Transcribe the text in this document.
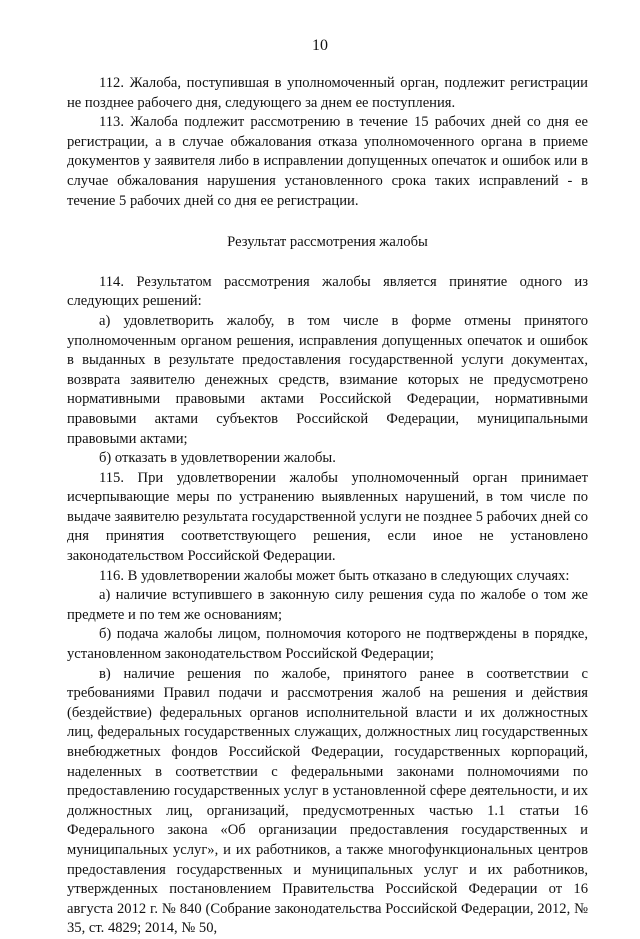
10

112. Жалоба, поступившая в уполномоченный орган, подлежит регистрации не позднее рабочего дня, следующего за днем ее поступления.

113. Жалоба подлежит рассмотрению в течение 15 рабочих дней со дня ее регистрации, а в случае обжалования отказа уполномоченного органа в приеме документов у заявителя либо в исправлении допущенных опечаток и ошибок или в случае обжалования нарушения установленного срока таких исправлений - в течение 5 рабочих дней со дня ее регистрации.

Результат рассмотрения жалобы

114. Результатом рассмотрения жалобы является принятие одного из следующих решений:

а) удовлетворить жалобу, в том числе в форме отмены принятого уполномоченным органом решения, исправления допущенных опечаток и ошибок в выданных в результате предоставления государственной услуги документах, возврата заявителю денежных средств, взимание которых не предусмотрено нормативными правовыми актами Российской Федерации, нормативными правовыми актами субъектов Российской Федерации, муниципальными правовыми актами;

б) отказать в удовлетворении жалобы.

115. При удовлетворении жалобы уполномоченный орган принимает исчерпывающие меры по устранению выявленных нарушений, в том числе по выдаче заявителю результата государственной услуги не позднее 5 рабочих дней со дня принятия соответствующего решения, если иное не установлено законодательством Российской Федерации.

116. В удовлетворении жалобы может быть отказано в следующих случаях:

а) наличие вступившего в законную силу решения суда по жалобе о том же предмете и по тем же основаниям;

б) подача жалобы лицом, полномочия которого не подтверждены в порядке, установленном законодательством Российской Федерации;

в) наличие решения по жалобе, принятого ранее в соответствии с требованиями Правил подачи и рассмотрения жалоб на решения и действия (бездействие) федеральных органов исполнительной власти и их должностных лиц, федеральных государственных служащих, должностных лиц государственных внебюджетных фондов Российской Федерации, государственных корпораций, наделенных в соответствии с федеральными законами полномочиями по предоставлению государственных услуг в установленной сфере деятельности, и их должностных лиц, организаций, предусмотренных частью 1.1 статьи 16 Федерального закона «Об организации предоставления государственных и муниципальных услуг», и их работников, а также многофункциональных центров предоставления государственных и муниципальных услуг и их работников, утвержденных постановлением Правительства Российской Федерации от 16 августа 2012 г. № 840 (Собрание законодательства Российской Федерации, 2012, № 35, ст. 4829; 2014, № 50,
